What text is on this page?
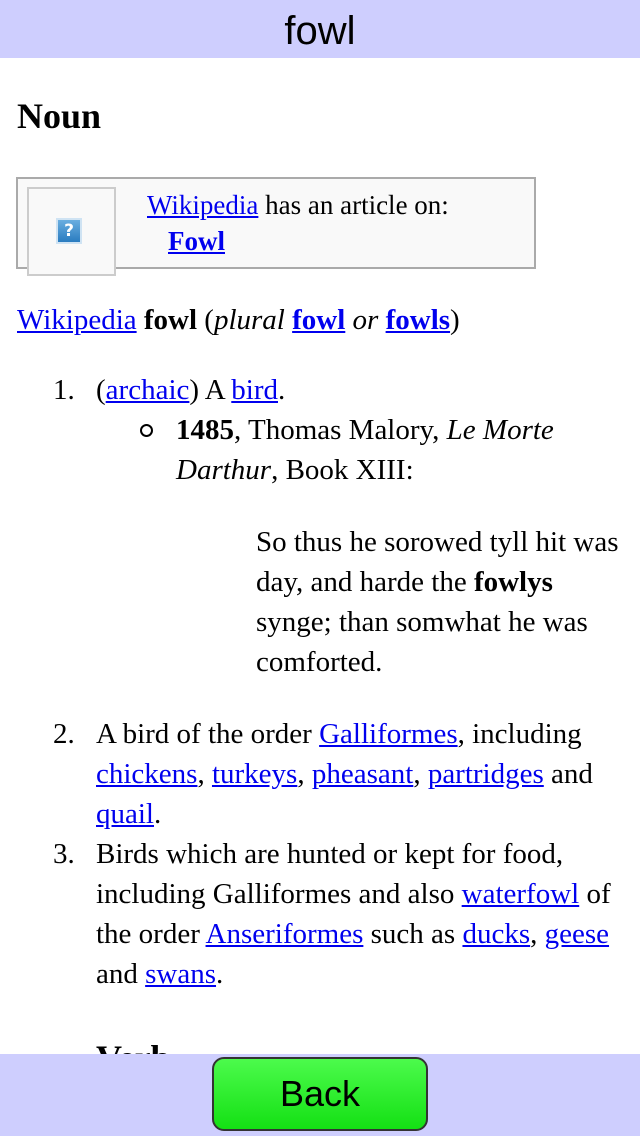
fowl
Noun
?
Wikipedia has an article on:
Fowl
Wikipedia fowl (plural fowl or fowls)
1. (archaic) A bird.
1485, Thomas Malory, Le Morte Darthur, Book XIII:
So thus he sorowed tyll hit was day, and harde the fowlys synge; than somwhat he was comforted.
2. A bird of the order Galliformes, including chickens, turkeys, pheasant, partridges and quail.
3. Birds which are hunted or kept for food, including Galliformes and also waterfowl of the order Anseriformes such as ducks, geese and swans.
Back
